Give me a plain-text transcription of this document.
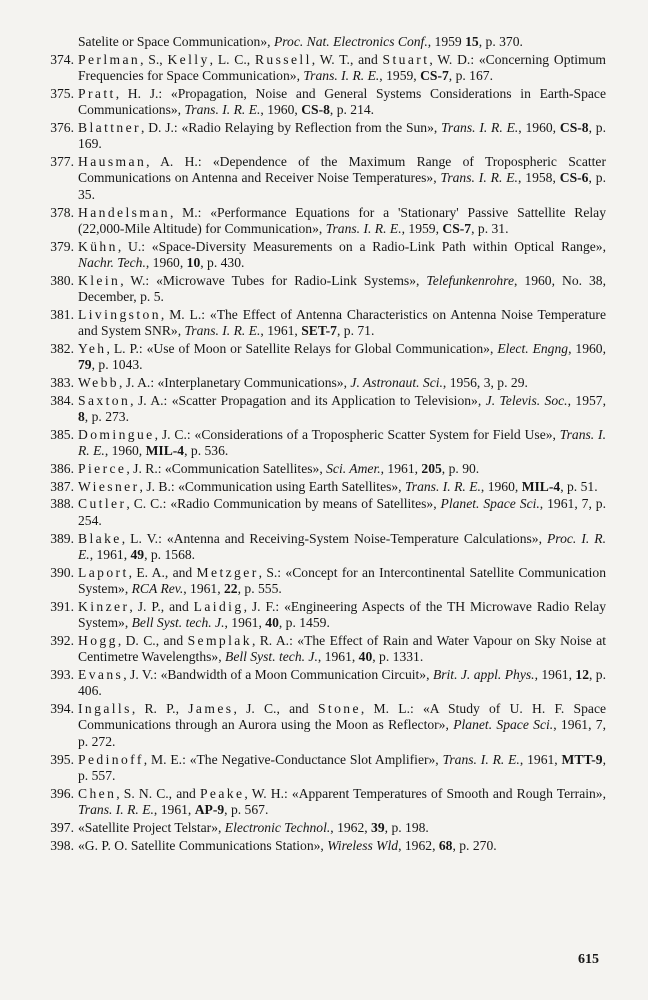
Satelite or Space Communication», Proc. Nat. Electronics Conf., 1959 15, p. 370.
374. Perlman, S., Kelly, L. C., Russell, W. T., and Stuart, W. D.: «Concerning Optimum Frequencies for Space Communication», Trans. I. R. E., 1959, CS-7, p. 167.
375. Pratt, H. J.: «Propagation, Noise and General Systems Considerations in Earth-Space Communications», Trans. I. R. E., 1960, CS-8, p. 214.
376. Blattner, D. J.: «Radio Relaying by Reflection from the Sun», Trans. I. R. E., 1960, CS-8, p. 169.
377. Hausman, A. H.: «Dependence of the Maximum Range of Tropospheric Scatter Communications on Antenna and Receiver Noise Temperatures», Trans. I. R. E., 1958, CS-6, p. 35.
378. Handelsman, M.: «Performance Equations for a 'Stationary' Passive Sattellite Relay (22,000-Mile Altitude) for Communication», Trans. I. R. E., 1959, CS-7, p. 31.
379. Kühn, U.: «Space-Diversity Measurements on a Radio-Link Path within Optical Range», Nachr. Tech., 1960, 10, p. 430.
380. Klein, W.: «Microwave Tubes for Radio-Link Systems», Telefunkenrohre, 1960, No. 38, December, p. 5.
381. Livingston, M. L.: «The Effect of Antenna Characteristics on Antenna Noise Temperature and System SNR», Trans. I. R. E., 1961, SET-7, p. 71.
382. Yeh, L. P.: «Use of Moon or Satellite Relays for Global Communication», Elect. Engng, 1960, 79, p. 1043.
383. Webb, J. A.: «Interplanetary Communications», J. Astronaut. Sci., 1956, 3, p. 29.
384. Saxton, J. A.: «Scatter Propagation and its Application to Television», J. Televis. Soc., 1957, 8, p. 273.
385. Domingue, J. C.: «Considerations of a Tropospheric Scatter System for Field Use», Trans. I. R. E., 1960, MIL-4, p. 536.
386. Pierce, J. R.: «Communication Satellites», Sci. Amer., 1961, 205, p. 90.
387. Wiesner, J. B.: «Communication using Earth Satellites», Trans. I. R. E., 1960, MIL-4, p. 51.
388. Cutler, C. C.: «Radio Communication by means of Satellites», Planet. Space Sci., 1961, 7, p. 254.
389. Blake, L. V.: «Antenna and Receiving-System Noise-Temperature Calculations», Proc. I. R. E., 1961, 49, p. 1568.
390. Laport, E. A., and Metzger, S.: «Concept for an Intercontinental Satellite Communication System», RCA Rev., 1961, 22, p. 555.
391. Kinzer, J. P., and Laidig, J. F.: «Engineering Aspects of the TH Microwave Radio Relay System», Bell Syst. tech. J., 1961, 40, p. 1459.
392. Hogg, D. C., and Semplak, R. A.: «The Effect of Rain and Water Vapour on Sky Noise at Centimetre Wavelengths», Bell Syst. tech. J., 1961, 40, p. 1331.
393. Evans, J. V.: «Bandwidth of a Moon Communication Circuit», Brit. J. appl. Phys., 1961, 12, p. 406.
394. Ingalls, R. P., James, J. C., and Stone, M. L.: «A Study of U. H. F. Space Communications through an Aurora using the Moon as Reflector», Planet. Space Sci., 1961, 7, p. 272.
395. Pedinoff, M. E.: «The Negative-Conductance Slot Amplifier», Trans. I. R. E., 1961, MTT-9, p. 557.
396. Chen, S. N. C., and Peake, W. H.: «Apparent Temperatures of Smooth and Rough Terrain», Trans. I. R. E., 1961, AP-9, p. 567.
397. «Satellite Project Telstar», Electronic Technol., 1962, 39, p. 198.
398. «G. P. O. Satellite Communications Station», Wireless Wld, 1962, 68, p. 270.
615
